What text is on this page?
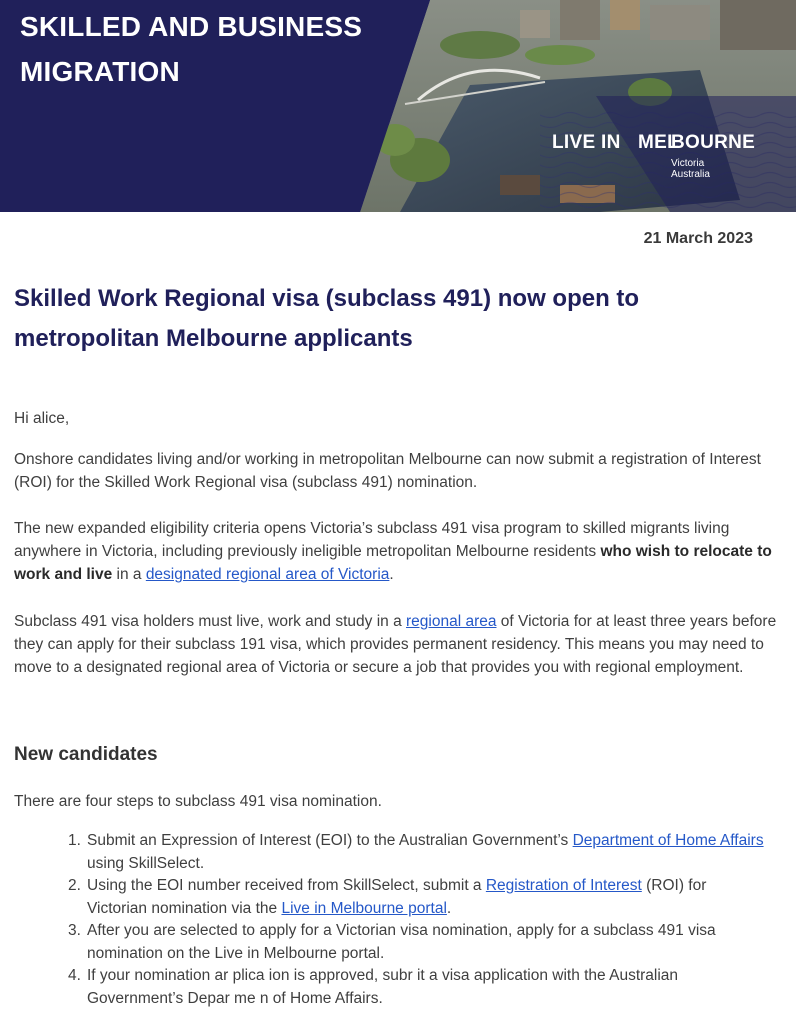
SKILLED AND BUSINESS
MIGRATION
LIVE IN MEL
BOURNE
Victoria
Australia
21 March 2023
Skilled Work Regional visa (subclass 491) now open to metropolitan Melbourne applicants

Hi alice,

Onshore candidates living and/or working in metropolitan Melbourne can now submit a registration of Interest (ROI) for the Skilled Work Regional visa (subclass 491) nomination.

The new expanded eligibility criteria opens Victoria’s subclass 491 visa program to skilled migrants living anywhere in Victoria, including previously ineligible metropolitan Melbourne residents who wish to relocate to work and live in a designated regional area of Victoria.

Subclass 491 visa holders must live, work and study in a regional area of Victoria for at least three years before they can apply for their subclass 191 visa, which provides permanent residency. This means you may need to move to a designated regional area of Victoria or secure a job that provides you with regional employment.

New candidates

There are four steps to subclass 491 visa nomination.

1. Submit an Expression of Interest (EOI) to the Australian Government’s Department of Home Affairs using SkillSelect.
2. Using the EOI number received from SkillSelect, submit a Registration of Interest (ROI) for Victorian nomination via the Live in Melbourne portal.
3. After you are selected to apply for a Victorian visa nomination, apply for a subclass 491 visa nomination on the Live in Melbourne portal.
4. If your nomination ar plica ion is approved, subr it a visa application with the Australian Government’s Depar me n of Home Affairs.
